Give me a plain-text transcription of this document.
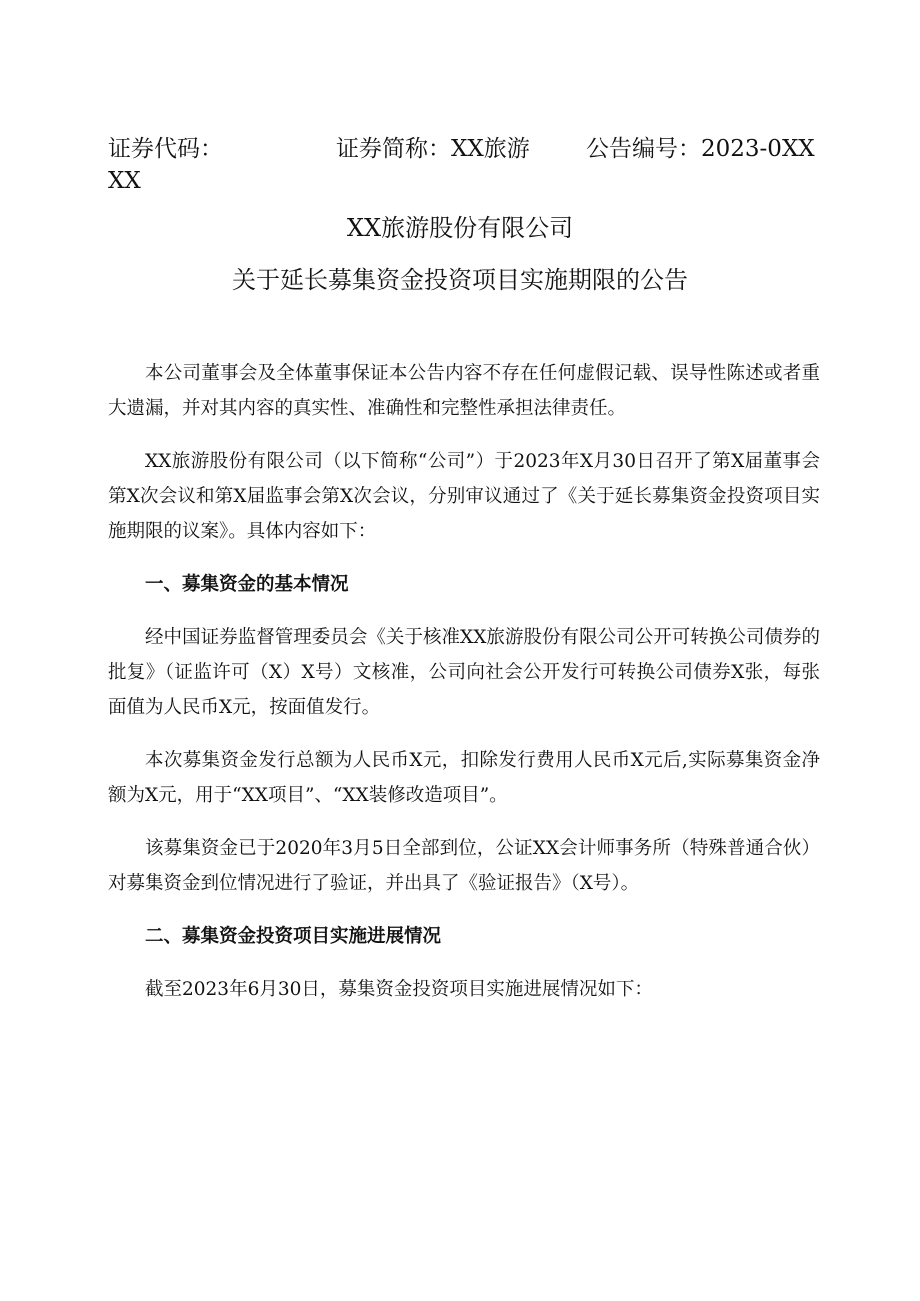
证券代码：	证券简称：XX旅游 公告编号：2023-0XX
XX
XX旅游股份有限公司
关于延长募集资金投资项目实施期限的公告

本公司董事会及全体董事保证本公告内容不存在任何虚假记载、误导性陈述或者重大遗漏，并对其内容的真实性、准确性和完整性承担法律责任。

XX旅游股份有限公司（以下简称“公司”）于2023年X月30日召开了第X届董事会第X次会议和第X届监事会第X次会议，分别审议通过了《关于延长募集资金投资项目实施期限的议案》。具体内容如下：

一、募集资金的基本情况

经中国证券监督管理委员会《关于核准XX旅游股份有限公司公开可转换公司债券的批复》（证监许可（X）X号）文核准，公司向社会公开发行可转换公司债券X张，每张面值为人民币X元，按面值发行。

本次募集资金发行总额为人民币X元，扣除发行费用人民币X元后,实际募集资金净额为X元，用于“XX项目”、“XX装修改造项目”。

该募集资金已于2020年3月5日全部到位，公证XX会计师事务所（特殊普通合伙）对募集资金到位情况进行了验证，并出具了《验证报告》（X号）。

二、募集资金投资项目实施进展情况

截至2023年6月30日，募集资金投资项目实施进展情况如下：
